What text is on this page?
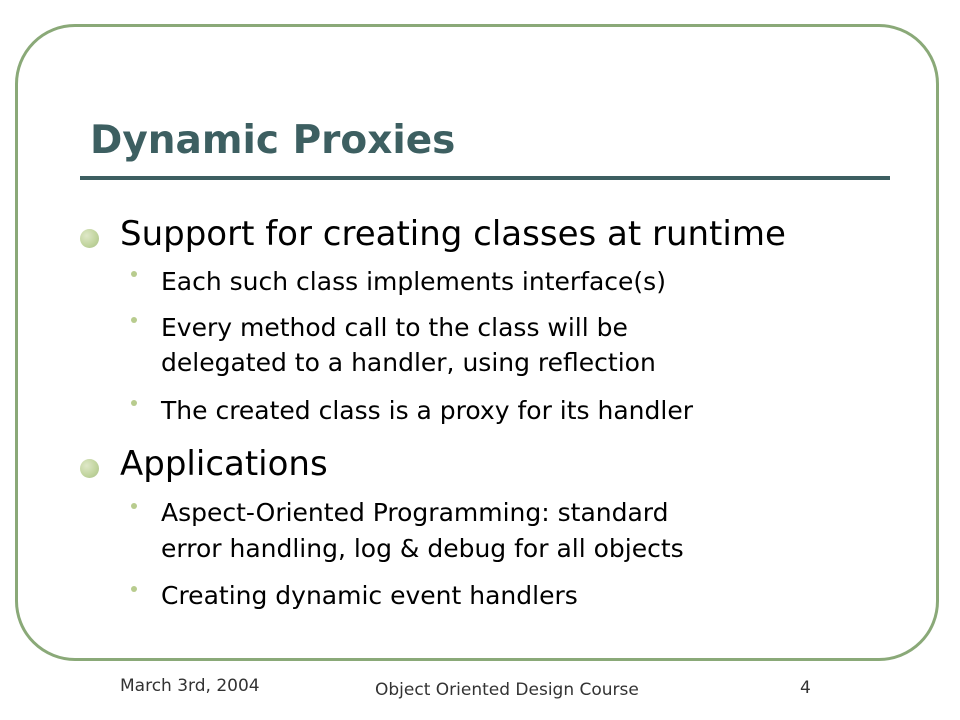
Dynamic Proxies
Support for creating classes at runtime
Each such class implements interface(s)
Every method call to the class will be
delegated to a handler, using reflection
The created class is a proxy for its handler
Applications
Aspect-Oriented Programming: standard
error handling, log & debug for all objects
Creating dynamic event handlers
March 3rd, 2004	Object Oriented Design Course	4
